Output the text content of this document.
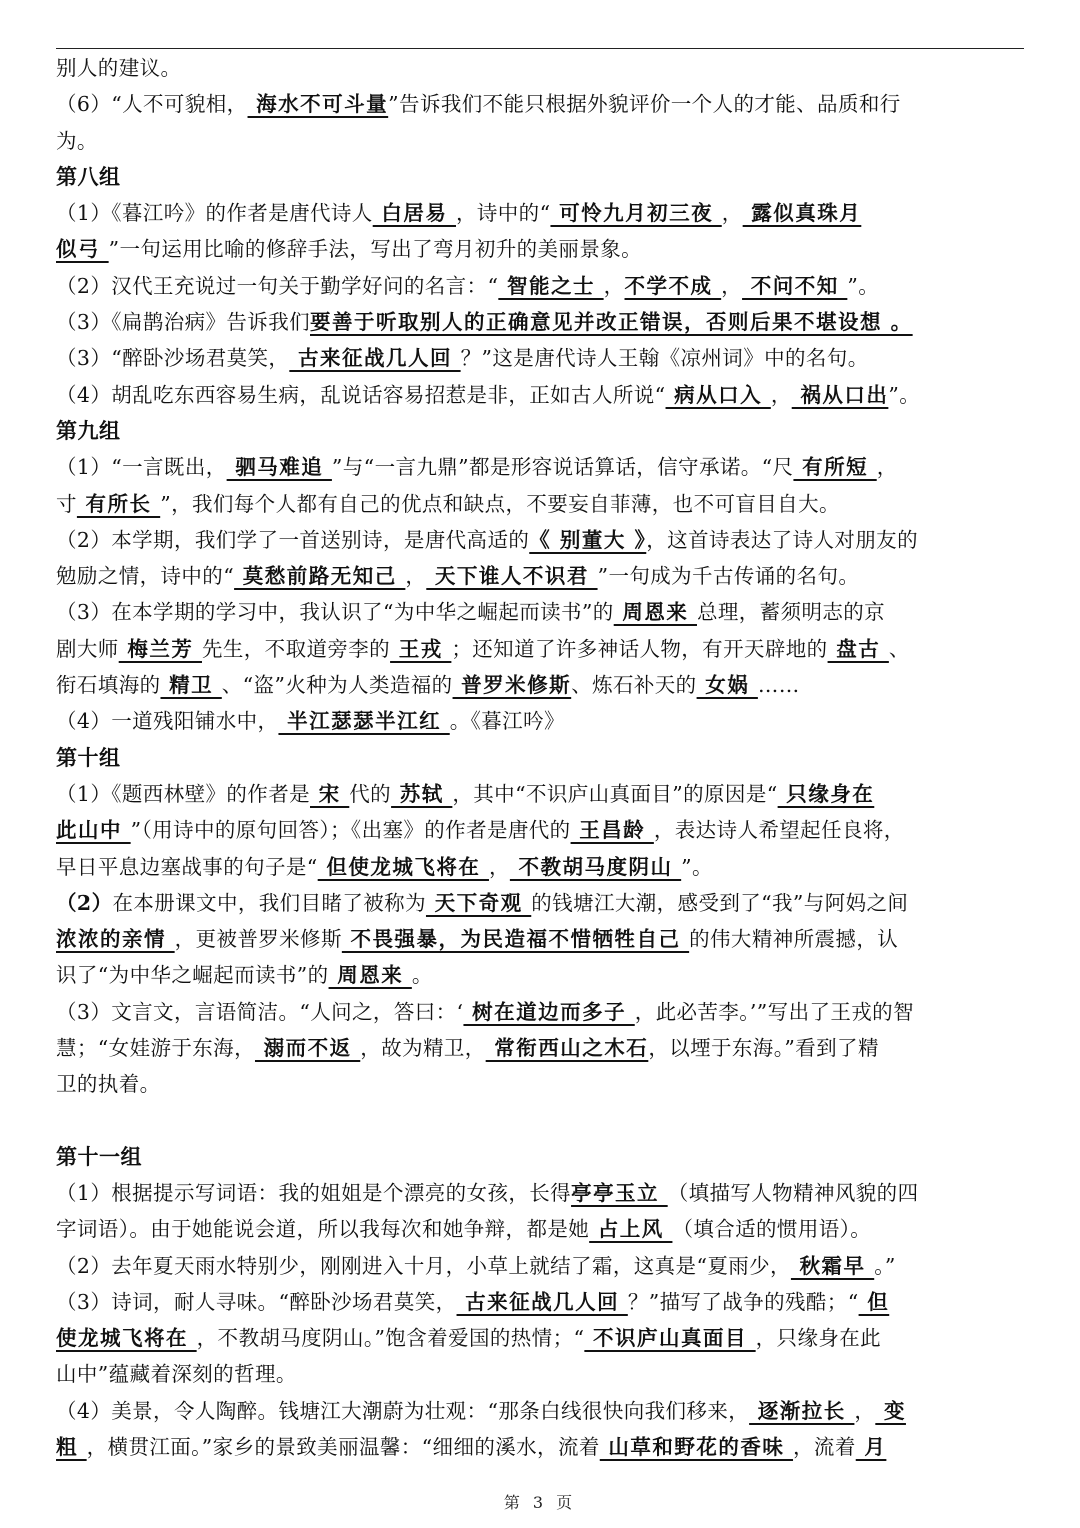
别人的建议。
（6）“人不可貌相， 海水不可斗量”告诉我们不能只根据外貌评价一个人的才能、品质和行
为。
第八组
（1）《暮江吟》的作者是唐代诗人 白居易 ，诗中的“ 可怜九月初三夜 ， 露似真珠月
似弓 ”一句运用比喻的修辞手法，写出了弯月初升的美丽景象。
（2）汉代王充说过一句关于勤学好问的名言：“ 智能之士 ，不学不成 ， 不问不知 ”。
（3）《扁鹊治病》告诉我们要善于听取别人的正确意见并改正错误，否则后果不堪设想 。
（3）“醉卧沙场君莫笑， 古来征战几人回 ？”这是唐代诗人王翰《凉州词》中的名句。
（4）胡乱吃东西容易生病，乱说话容易招惹是非，正如古人所说“ 病从口入 ， 祸从口出”。
第九组
（1）“一言既出， 驷马难追 ”与“一言九鼎”都是形容说话算话，信守承诺。“尺 有所短 ，
寸 有所长 ”，我们每个人都有自己的优点和缺点，不要妄自菲薄，也不可盲目自大。
（2）本学期，我们学了一首送别诗，是唐代高适的《 别董大 》，这首诗表达了诗人对朋友的
勉励之情，诗中的“ 莫愁前路无知己 ， 天下谁人不识君 ”一句成为千古传诵的名句。
（3）在本学期的学习中，我认识了“为中华之崛起而读书”的 周恩来 总理，蓄须明志的京
剧大师 梅兰芳 先生，不取道旁李的 王戎 ；还知道了许多神话人物，有开天辟地的 盘古 、
衔石填海的 精卫 、“盗”火种为人类造福的 普罗米修斯、炼石补天的 女娲 ……
（4）一道残阳铺水中， 半江瑟瑟半江红 。《暮江吟》
第十组
（1）《题西林壁》的作者是 宋 代的 苏轼 ，其中“不识庐山真面目”的原因是“ 只缘身在
此山中 ”（用诗中的原句回答）；《出塞》的作者是唐代的 王昌龄 ，表达诗人希望起任良将，
早日平息边塞战事的句子是“ 但使龙城飞将在 ， 不教胡马度阴山 ”。
（2）在本册课文中，我们目睹了被称为 天下奇观 的钱塘江大潮，感受到了“我”与阿妈之间
浓浓的亲情 ，更被普罗米修斯 不畏强暴，为民造福不惜牺牲自己 的伟大精神所震撼，认
识了“为中华之崛起而读书”的 周恩来 。
（3）文言文，言语简洁。“人问之，答曰：‘ 树在道边而多子 ，此必苦李。’”写出了王戎的智
慧；“女娃游于东海， 溺而不返 ，故为精卫， 常衔西山之木石，以堙于东海。”看到了精
卫的执着。
第十一组
（1）根据提示写词语：我的姐姐是个漂亮的女孩，长得亭亭玉立 （填描写人物精神风貌的四
字词语）。由于她能说会道，所以我每次和她争辩，都是她 占上风 （填合适的惯用语）。
（2）去年夏天雨水特别少，刚刚进入十月，小草上就结了霜，这真是“夏雨少， 秋霜早 。”
（3）诗词，耐人寻味。“醉卧沙场君莫笑， 古来征战几人回 ？”描写了战争的残酷；“ 但
使龙城飞将在 ，不教胡马度阴山。”饱含着爱国的热情；“ 不识庐山真面目 ，只缘身在此
山中”蕴藏着深刻的哲理。
（4）美景，令人陶醉。钱塘江大潮蔚为壮观：“那条白线很快向我们移来， 逐渐拉长 ， 变
粗 ，横贯江面。”家乡的景致美丽温馨：“细细的溪水，流着 山草和野花的香味 ，流着 月
第 3 页
